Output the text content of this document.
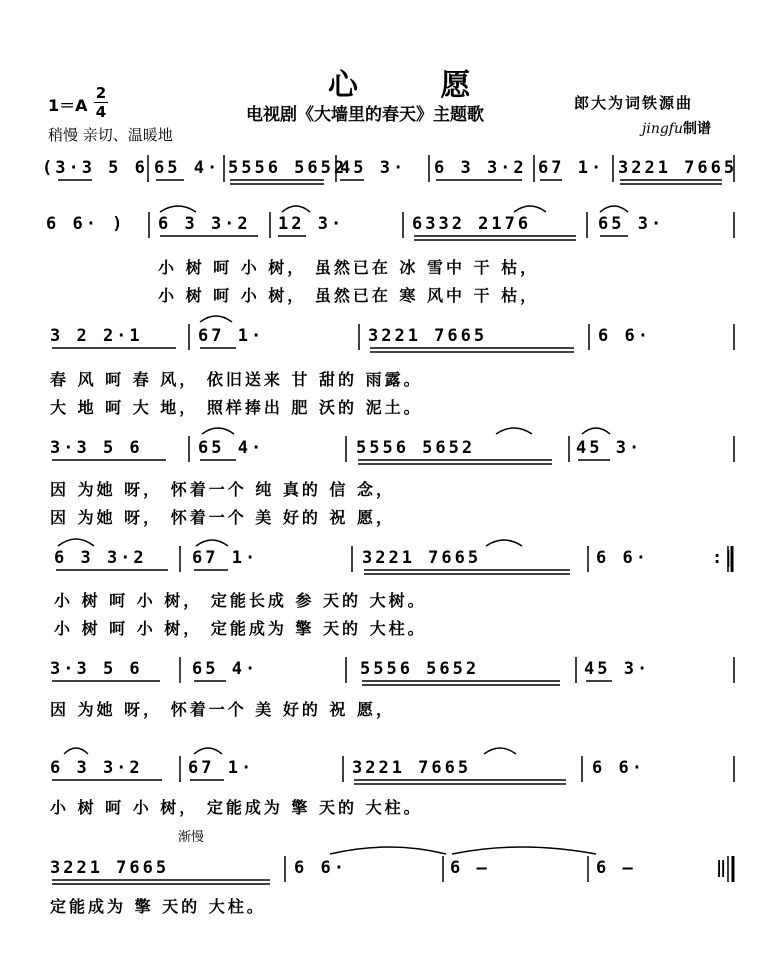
心 愿
电视剧《大墙里的春天》主题歌
郎大为词铁源曲
jingfu制谱
1＝A
2
4
稍慢 亲切、温暖地
(3·3 5 6 65 4· 5556 5652
45 3· 6 3 3·2 67 1· 3221 7665
6 6· ) 6 3 3·2 12 3·	6332 2176	65 3·
小 树 呵 小 树， 虽然已在 冰 雪中 干 枯，
小 树 呵 小 树， 虽然已在 寒 风中 干 枯，
3 2 2·1	67 1·	3221 7665	6 6·
春 风 呵 春 风， 依旧送来 甘 甜的 雨露。
大 地 呵 大 地， 照样捧出 肥 沃的 泥土。
3·3 5 6	65 4·	5556 5652	45 3·
因 为她 呀， 怀着一个 纯 真的 信 念，
因 为她 呀， 怀着一个 美 好的 祝 愿，
6 3 3·2	67 1·	3221 7665	6 6·	:‖
小 树 呵 小 树， 定能长成 参 天的 大树。
小 树 呵 小 树， 定能成为 擎 天的 大柱。
3·3 5 6	65 4·	5556 5652	45 3·
因 为她 呀， 怀着一个 美 好的 祝 愿，
6 3 3·2	67 1·	3221 7665	6 6·
小 树 呵 小 树， 定能成为 擎 天的 大柱。
渐慢
3221 7665	6 6·	6 –	6 –	‖
定能成为 擎 天的 大柱。
